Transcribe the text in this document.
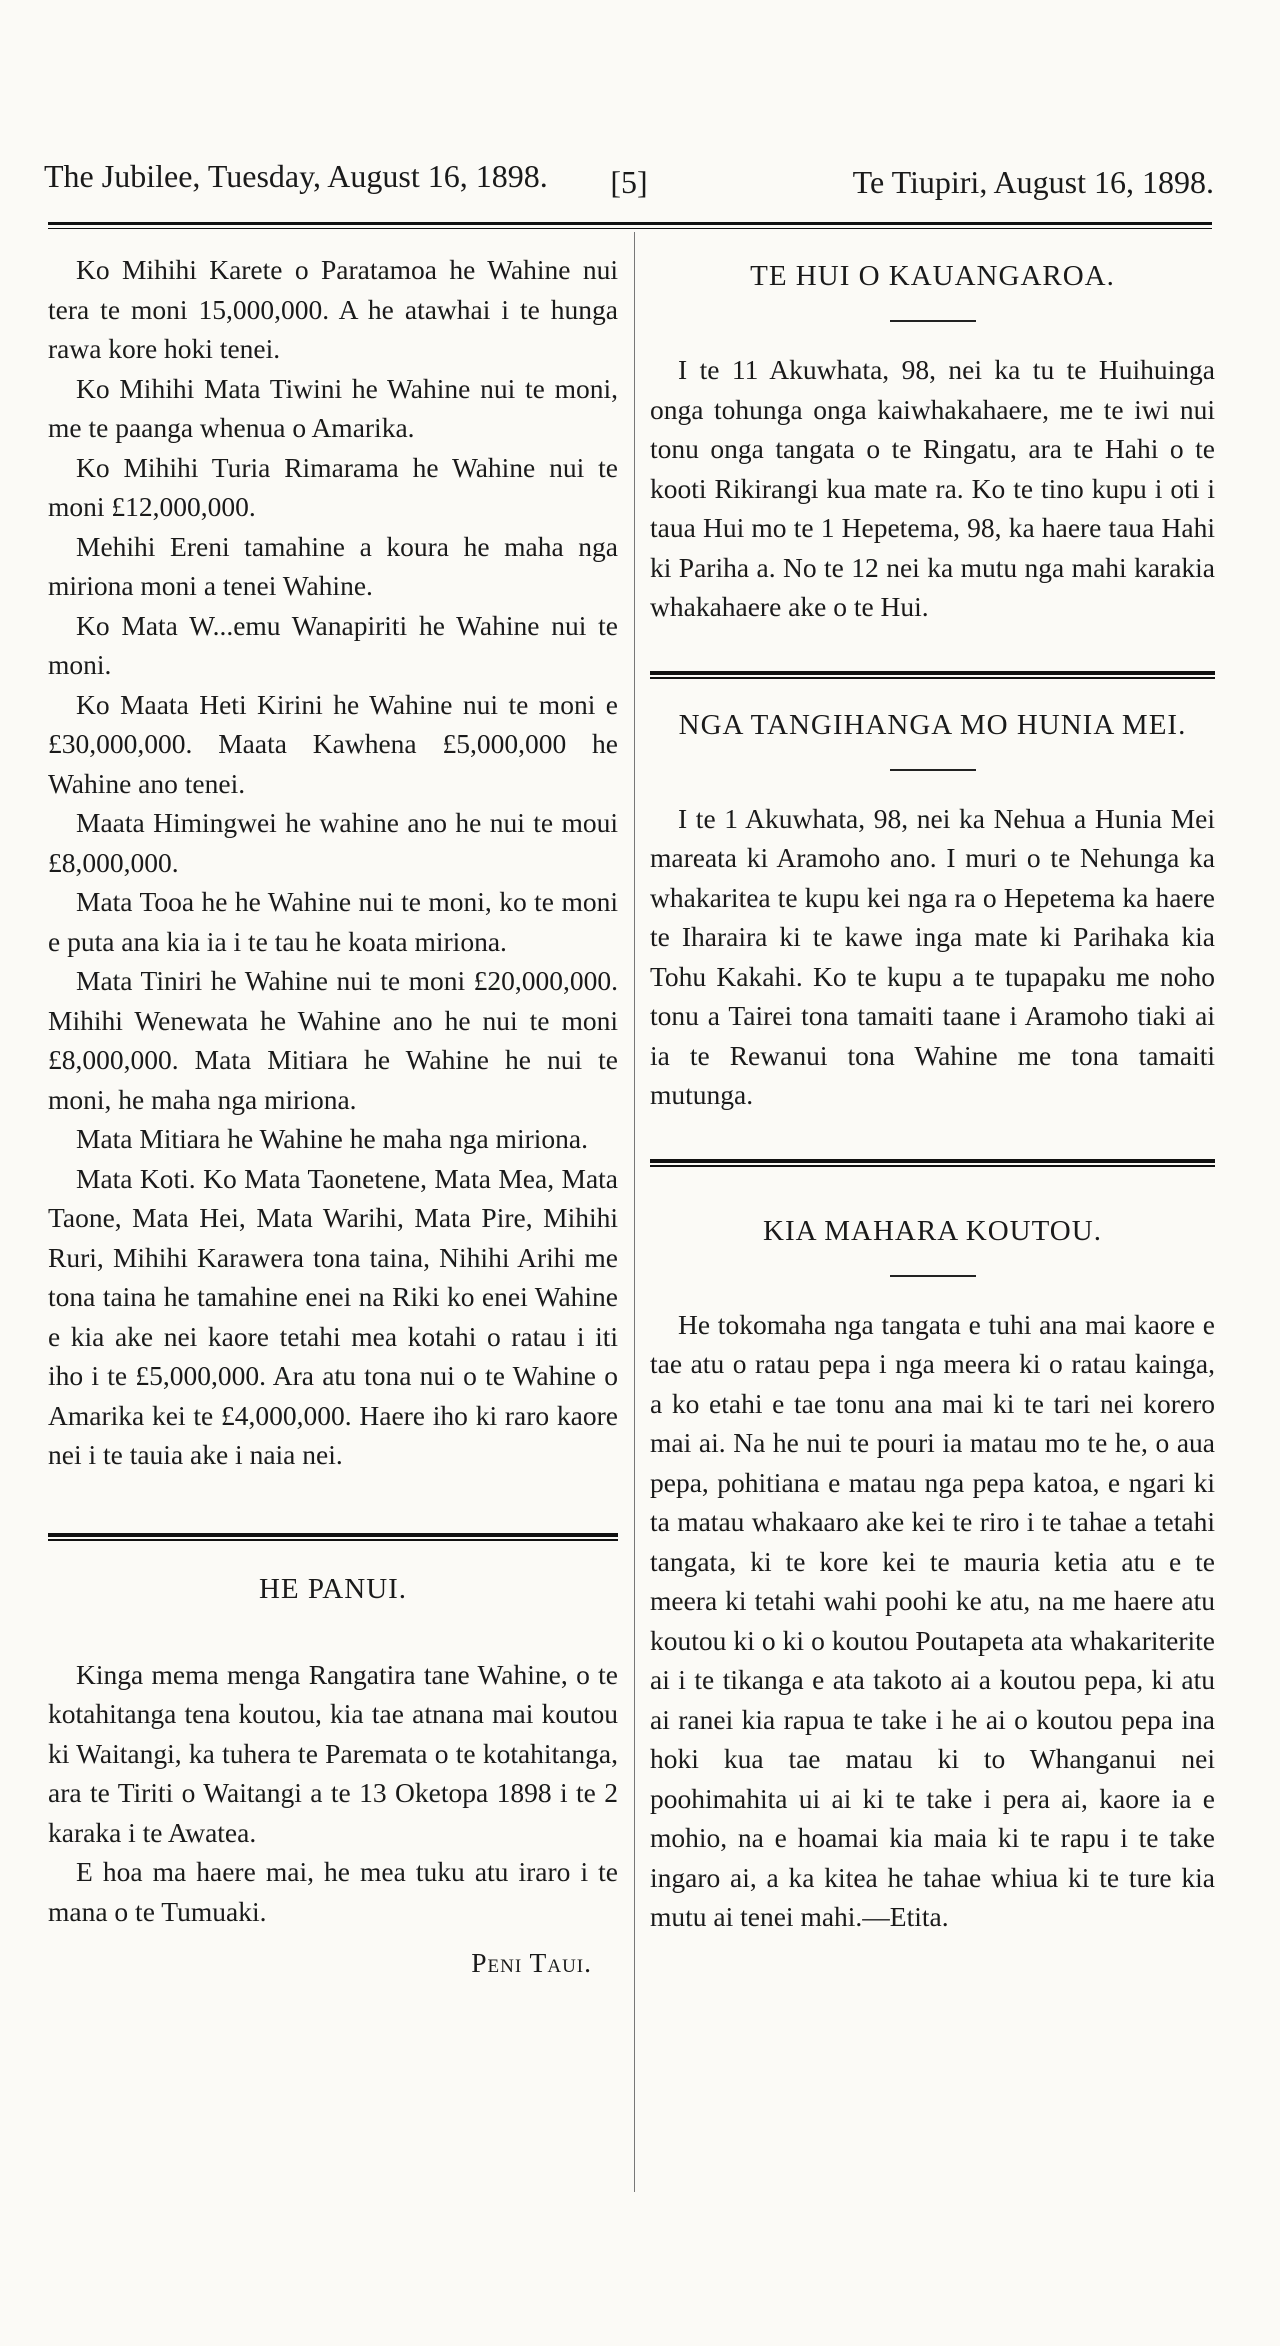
The Jubilee, Tuesday, August 16, 1898.	[5]	Te Tiupiri, August 16, 1898.

Ko Mihihi Karete o Paratamoa he Wahine nui tera te moni 15,000,000. A he atawhai i te hunga rawa kore hoki tenei.

Ko Mihihi Mata Tiwini he Wahine nui te moni, me te paanga whenua o Amarika.

Ko Mihihi Turia Rimarama he Wahine nui te moni £12,000,000.

Mehihi Ereni tamahine a koura he maha nga miriona moni a tenei Wahine.

Ko Mata W...emu Wanapiriti he Wahine nui te moni.

Ko Maata Heti Kirini he Wahine nui te moni e £30,000,000. Maata Kawhena £5,000,000 he Wahine ano tenei.

Maata Himingwei he wahine ano he nui te moui £8,000,000.

Mata Tooa he he Wahine nui te moni, ko te moni e puta ana kia ia i te tau he koata miriona.

Mata Tiniri he Wahine nui te moni £20,000,000. Mihihi Wenewata he Wahine ano he nui te moni £8,000,000. Mata Mitiara he Wahine he nui te moni, he maha nga miriona.

Mata Mitiara he Wahine he maha nga miriona.

Mata Koti. Ko Mata Taonetene, Mata Mea, Mata Taone, Mata Hei, Mata Warihi, Mata Pire, Mihihi Ruri, Mihihi Karawera tona taina, Nihihi Arihi me tona taina he tamahine enei na Riki ko enei Wahine e kia ake nei kaore tetahi mea kotahi o ratau i iti iho i te £5,000,000. Ara atu tona nui o te Wahine o Amarika kei te £4,000,000. Haere iho ki raro kaore nei i te tauia ake i naia nei.

HE PANUI.

Kinga mema menga Rangatira tane Wahine, o te kotahitanga tena koutou, kia tae atnana mai koutou ki Waitangi, ka tuhera te Paremata o te kotahitanga, ara te Tiriti o Waitangi a te 13 Oketopa 1898 i te 2 karaka i te Awatea.

E hoa ma haere mai, he mea tuku atu iraro i te mana o te Tumuaki.

Peni Taui.
TE HUI O KAUANGAROA.

I te 11 Akuwhata, 98, nei ka tu te Huihuinga onga tohunga onga kaiwhakahaere, me te iwi nui tonu onga tangata o te Ringatu, ara te Hahi o te kooti Rikirangi kua mate ra. Ko te tino kupu i oti i taua Hui mo te 1 Hepetema, 98, ka haere taua Hahi ki Pariha a. No te 12 nei ka mutu nga mahi karakia whakahaere ake o te Hui.

NGA TANGIHANGA MO HUNIA MEI.

I te 1 Akuwhata, 98, nei ka Nehua a Hunia Mei mareata ki Aramoho ano. I muri o te Nehunga ka whakaritea te kupu kei nga ra o Hepetema ka haere te Iharaira ki te kawe inga mate ki Parihaka kia Tohu Kakahi. Ko te kupu a te tupapaku me noho tonu a Tairei tona tamaiti taane i Aramoho tiaki ai ia te Rewanui tona Wahine me tona tamaiti mutunga.

KIA MAHARA KOUTOU.

He tokomaha nga tangata e tuhi ana mai kaore e tae atu o ratau pepa i nga meera ki o ratau kainga, a ko etahi e tae tonu ana mai ki te tari nei korero mai ai. Na he nui te pouri ia matau mo te he, o aua pepa, pohitiana e matau nga pepa katoa, e ngari ki ta matau whakaaro ake kei te riro i te tahae a tetahi tangata, ki te kore kei te mauria ketia atu e te meera ki tetahi wahi poohi ke atu, na me haere atu koutou ki o ki o koutou Poutapeta ata whakariterite ai i te tikanga e ata takoto ai a koutou pepa, ki atu ai ranei kia rapua te take i he ai o koutou pepa ina hoki kua tae matau ki to Whanganui nei poohimahita ui ai ki te take i pera ai, kaore ia e mohio, na e hoamai kia maia ki te rapu i te take ingaro ai, a ka kitea he tahae whiua ki te ture kia mutu ai tenei mahi.—Etita.
